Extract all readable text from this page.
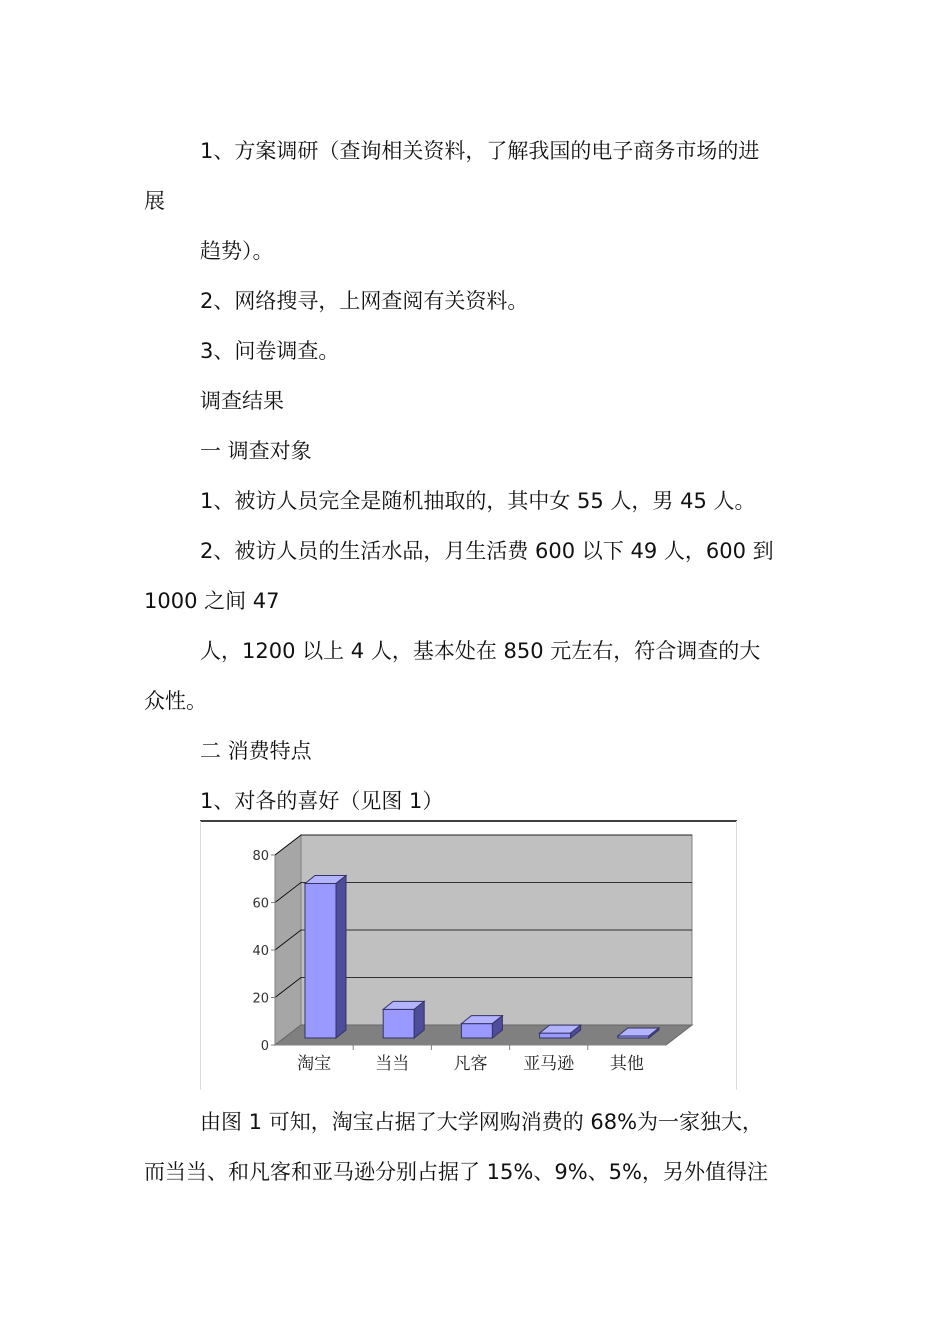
1、方案调研（查询相关资料，了解我国的电子商务市场的进
展
趋势）。
2、网络搜寻，上网查阅有关资料。
3、问卷调查。
调查结果
一 调查对象
1、被访人员完全是随机抽取的，其中女 55 人，男 45 人。
2、被访人员的生活水品，月生活费 600 以下 49 人，600 到
1000 之间 47
人，1200 以上 4 人，基本处在 850 元左右，符合调查的大
众性。
二 消费特点
1、对各的喜好（见图 1）
0
20
40
60
80
淘宝	当当	凡客 亚马逊 其他
由图 1 可知，淘宝占据了大学网购消费的 68%为一家独大，
而当当、和凡客和亚马逊分别占据了 15%、9%、5%，另外值得注
